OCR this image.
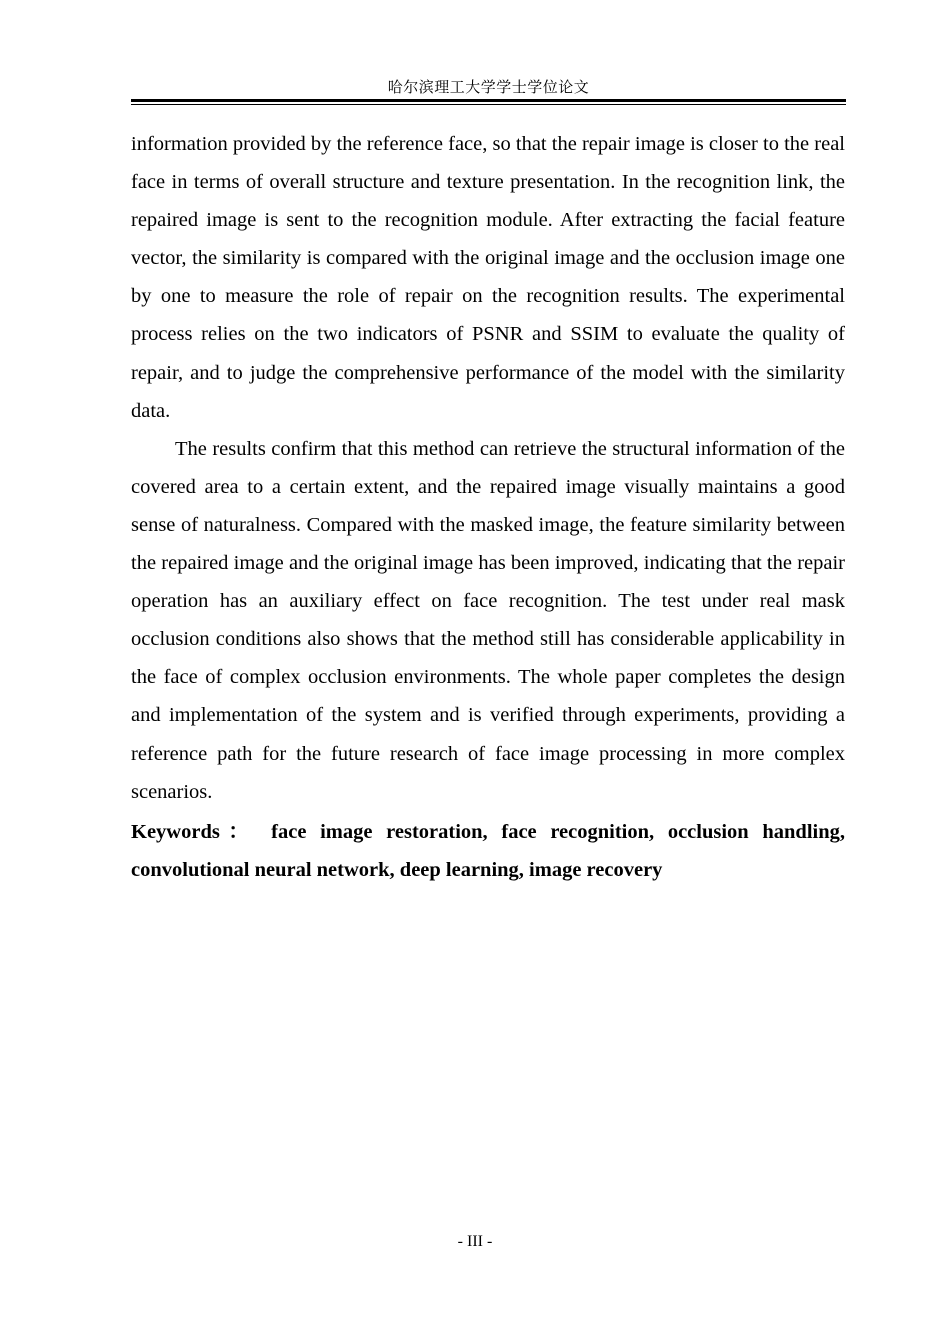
哈尔滨理工大学学士学位论文

information provided by the reference face, so that the repair image is closer to the real face in terms of overall structure and texture presentation. In the recognition link, the repaired image is sent to the recognition module. After extracting the facial feature vector, the similarity is compared with the original image and the occlusion image one by one to measure the role of repair on the recognition results. The experimental process relies on the two indicators of PSNR and SSIM to evaluate the quality of repair, and to judge the comprehensive performance of the model with the similarity data.

The results confirm that this method can retrieve the structural information of the covered area to a certain extent, and the repaired image visually maintains a good sense of naturalness. Compared with the masked image, the feature similarity between the repaired image and the original image has been improved, indicating that the repair operation has an auxiliary effect on face recognition. The test under real mask occlusion conditions also shows that the method still has considerable applicability in the face of complex occlusion environments. The whole paper completes the design and implementation of the system and is verified through experiments, providing a reference path for the future research of face image processing in more complex scenarios.

Keywords： face image restoration, face recognition, occlusion handling, convolutional neural network, deep learning, image recovery

- III -
